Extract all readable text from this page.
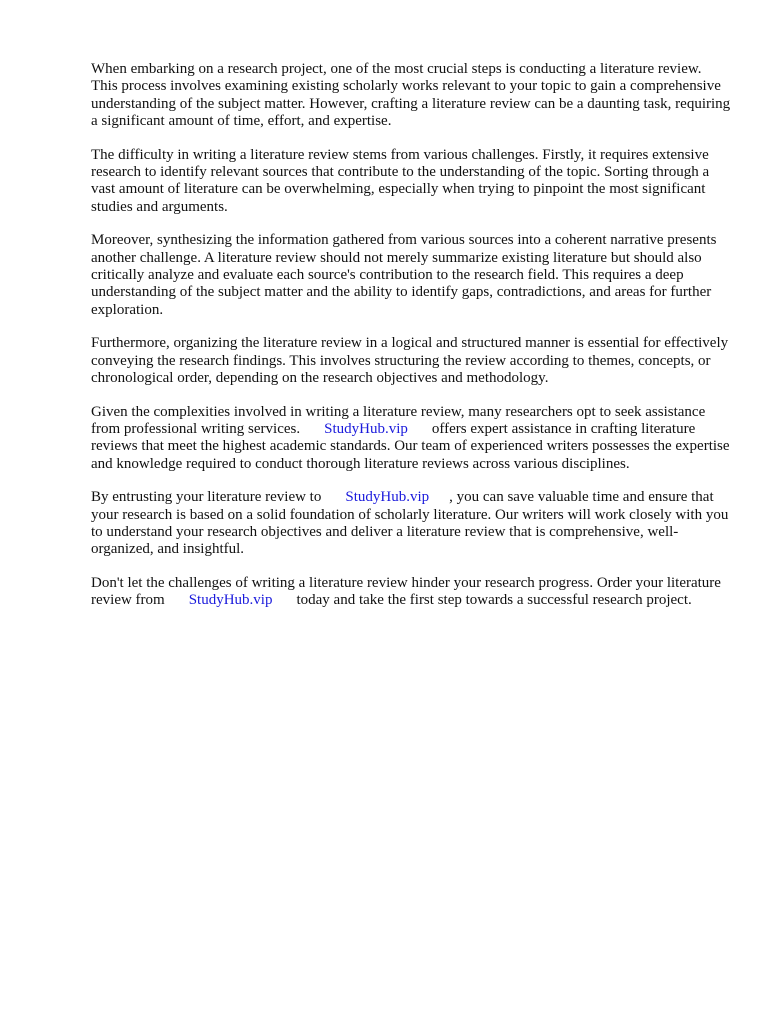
When embarking on a research project, one of the most crucial steps is conducting a literature review. This process involves examining existing scholarly works relevant to your topic to gain a comprehensive understanding of the subject matter. However, crafting a literature review can be a daunting task, requiring a significant amount of time, effort, and expertise.

The difficulty in writing a literature review stems from various challenges. Firstly, it requires extensive research to identify relevant sources that contribute to the understanding of the topic. Sorting through a vast amount of literature can be overwhelming, especially when trying to pinpoint the most significant studies and arguments.

Moreover, synthesizing the information gathered from various sources into a coherent narrative presents another challenge. A literature review should not merely summarize existing literature but should also critically analyze and evaluate each source's contribution to the research field. This requires a deep understanding of the subject matter and the ability to identify gaps, contradictions, and areas for further exploration.

Furthermore, organizing the literature review in a logical and structured manner is essential for effectively conveying the research findings. This involves structuring the review according to themes, concepts, or chronological order, depending on the research objectives and methodology.

Given the complexities involved in writing a literature review, many researchers opt to seek assistance from professional writing services. StudyHub.vip offers expert assistance in crafting literature reviews that meet the highest academic standards. Our team of experienced writers possesses the expertise and knowledge required to conduct thorough literature reviews across various disciplines.

By entrusting your literature review to StudyHub.vip , you can save valuable time and ensure that your research is based on a solid foundation of scholarly literature. Our writers will work closely with you to understand your research objectives and deliver a literature review that is comprehensive, well-organized, and insightful.

Don't let the challenges of writing a literature review hinder your research progress. Order your literature review from StudyHub.vip today and take the first step towards a successful research project.
